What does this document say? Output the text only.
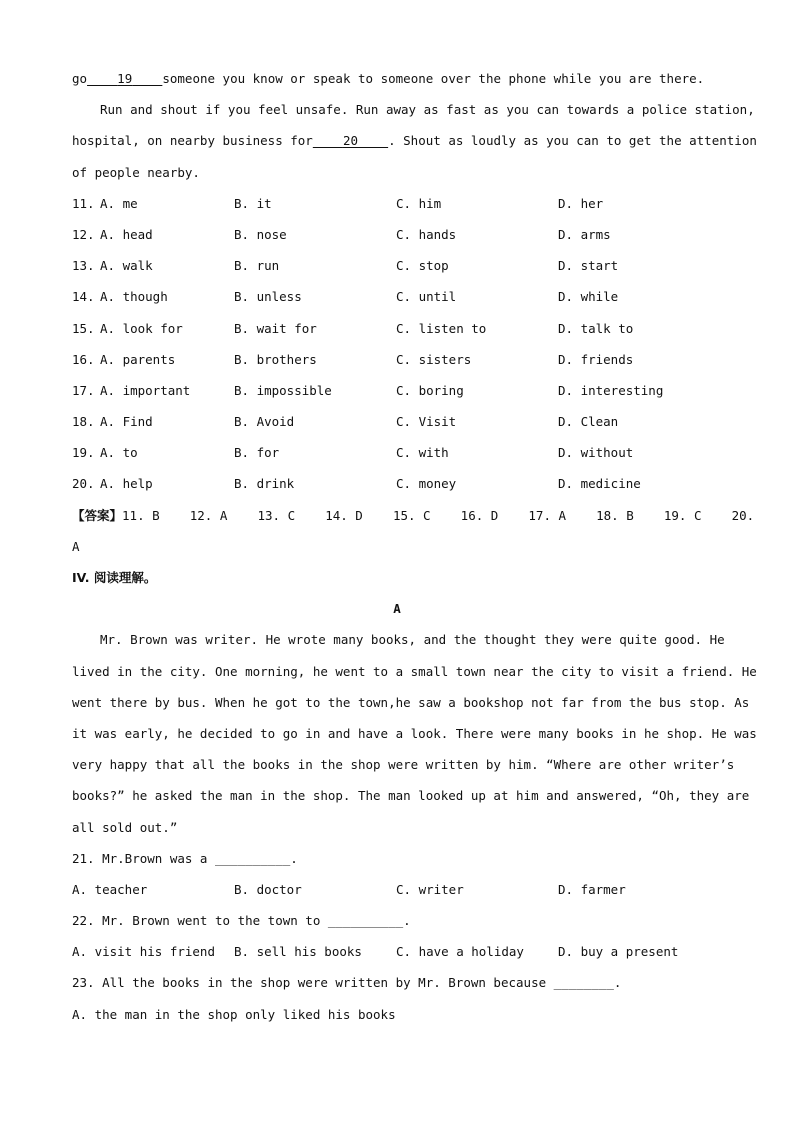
go 19 someone you know or speak to someone over the phone while you are there.
Run and shout if you feel unsafe. Run away as fast as you can towards a police station,
hospital, on nearby business for 20 . Shout as loudly as you can to get the attention
of people nearby.
11. A. me	B. it	C. him	D. her
12. A. head	B. nose	C. hands	D. arms
13. A. walk	B. run	C. stop	D. start
14. A. though	B. unless	C. until	D. while
15. A. look for	B. wait for	C. listen to	D. talk to
16. A. parents	B. brothers	C. sisters	D. friends
17. A. important	B. impossible	C. boring	D. interesting
18. A. Find	B. Avoid	C. Visit	D. Clean
19. A. to	B. for	C. with	D. without
20. A. help	B. drink	C. money	D. medicine
【答案】11. B    12. A    13. C    14. D    15. C    16. D    17. A    18. B    19. C    20.
A
IV. 阅读理解。
A
Mr. Brown was writer. He wrote many books, and the thought they were quite good. He
lived in the city. One morning, he went to a small town near the city to visit a friend. He
went there by bus. When he got to the town,he saw a bookshop not far from the bus stop. As
it was early, he decided to go in and have a look. There were many books in he shop. He was
very happy that all the books in the shop were written by him. “Where are other writer’s
books?” he asked the man in the shop. The man looked up at him and answered, “Oh, they are
all sold out.”
21. Mr.Brown was a __________.
A. teacher	B. doctor	C. writer	D. farmer
22. Mr. Brown went to the town to __________.
A. visit his friend B. sell his books	C. have a holiday	D. buy a present
23. All the books in the shop were written by Mr. Brown because ________.
A. the man in the shop only liked his books
